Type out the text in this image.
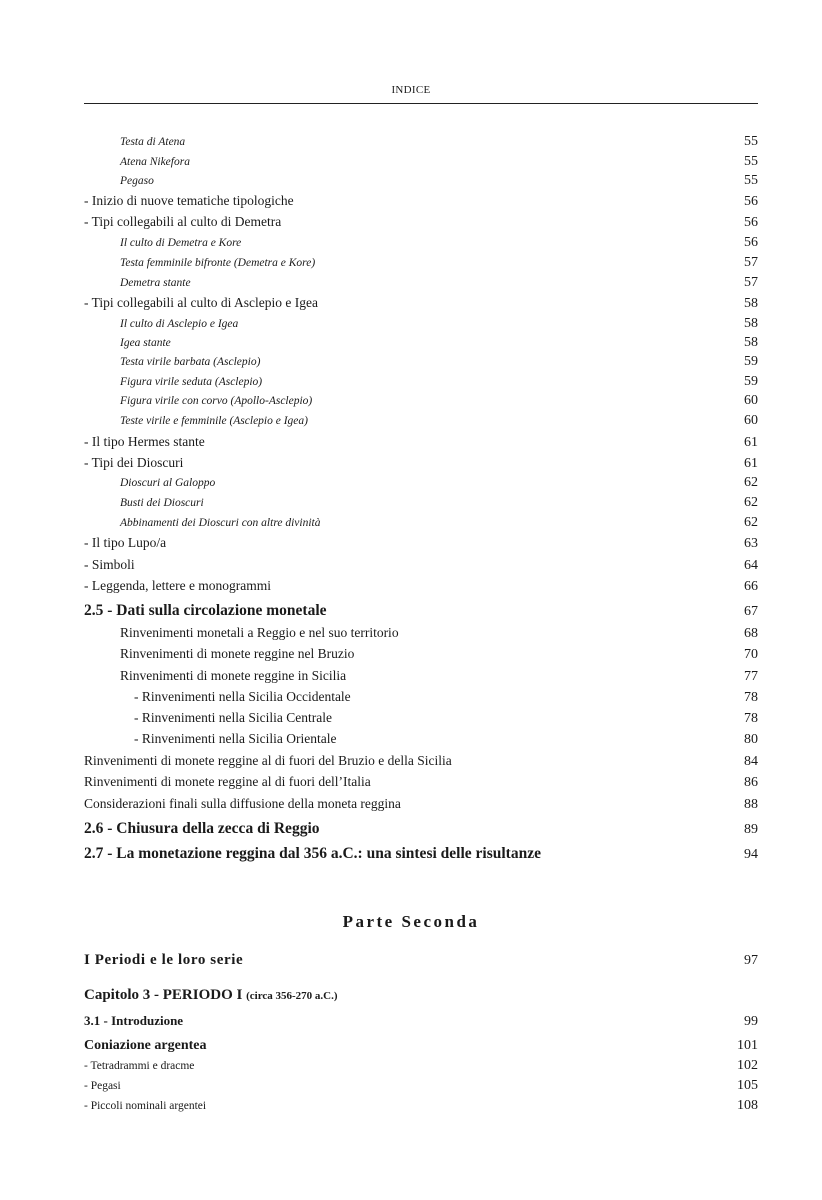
INDICE
Testa di Atena	55
Atena Nikefora	55
Pegaso	55
- Inizio di nuove tematiche tipologiche	56
- Tipi collegabili al culto di Demetra	56
Il culto di Demetra e Kore	56
Testa femminile bifronte (Demetra e Kore)	57
Demetra stante	57
- Tipi collegabili al culto di Asclepio e Igea	58
Il culto di Asclepio e Igea	58
Igea stante	58
Testa virile barbata (Asclepio)	59
Figura virile seduta (Asclepio)	59
Figura virile con corvo (Apollo-Asclepio)	60
Teste virile e femminile (Asclepio e Igea)	60
- Il tipo Hermes stante	61
- Tipi dei Dioscuri	61
Dioscuri al Galoppo	62
Busti dei Dioscuri	62
Abbinamenti dei Dioscuri con altre divinità	62
- Il tipo Lupo/a	63
- Simboli	64
- Leggenda, lettere e monogrammi	66
2.5 - Dati sulla circolazione monetale	67
Rinvenimenti monetali a Reggio e nel suo territorio	68
Rinvenimenti di monete reggine nel Bruzio	70
Rinvenimenti di monete reggine in Sicilia	77
- Rinvenimenti nella Sicilia Occidentale	78
- Rinvenimenti nella Sicilia Centrale	78
- Rinvenimenti nella Sicilia Orientale	80
Rinvenimenti di monete reggine al di fuori del Bruzio e della Sicilia	84
Rinvenimenti di monete reggine al di fuori dell’Italia	86
Considerazioni finali sulla diffusione della moneta reggina	88
2.6 - Chiusura della zecca di Reggio	89
2.7 - La monetazione reggina dal 356 a.C.: una sintesi delle risultanze	94
Parte Seconda
I Periodi e le loro serie	97
Capitolo 3 - PERIODO I (circa 356-270 a.C.)
3.1 - Introduzione	99
Coniazione argentea	101
- Tetradrammi e dracme	102
- Pegasi	105
- Piccoli nominali argentei	108
